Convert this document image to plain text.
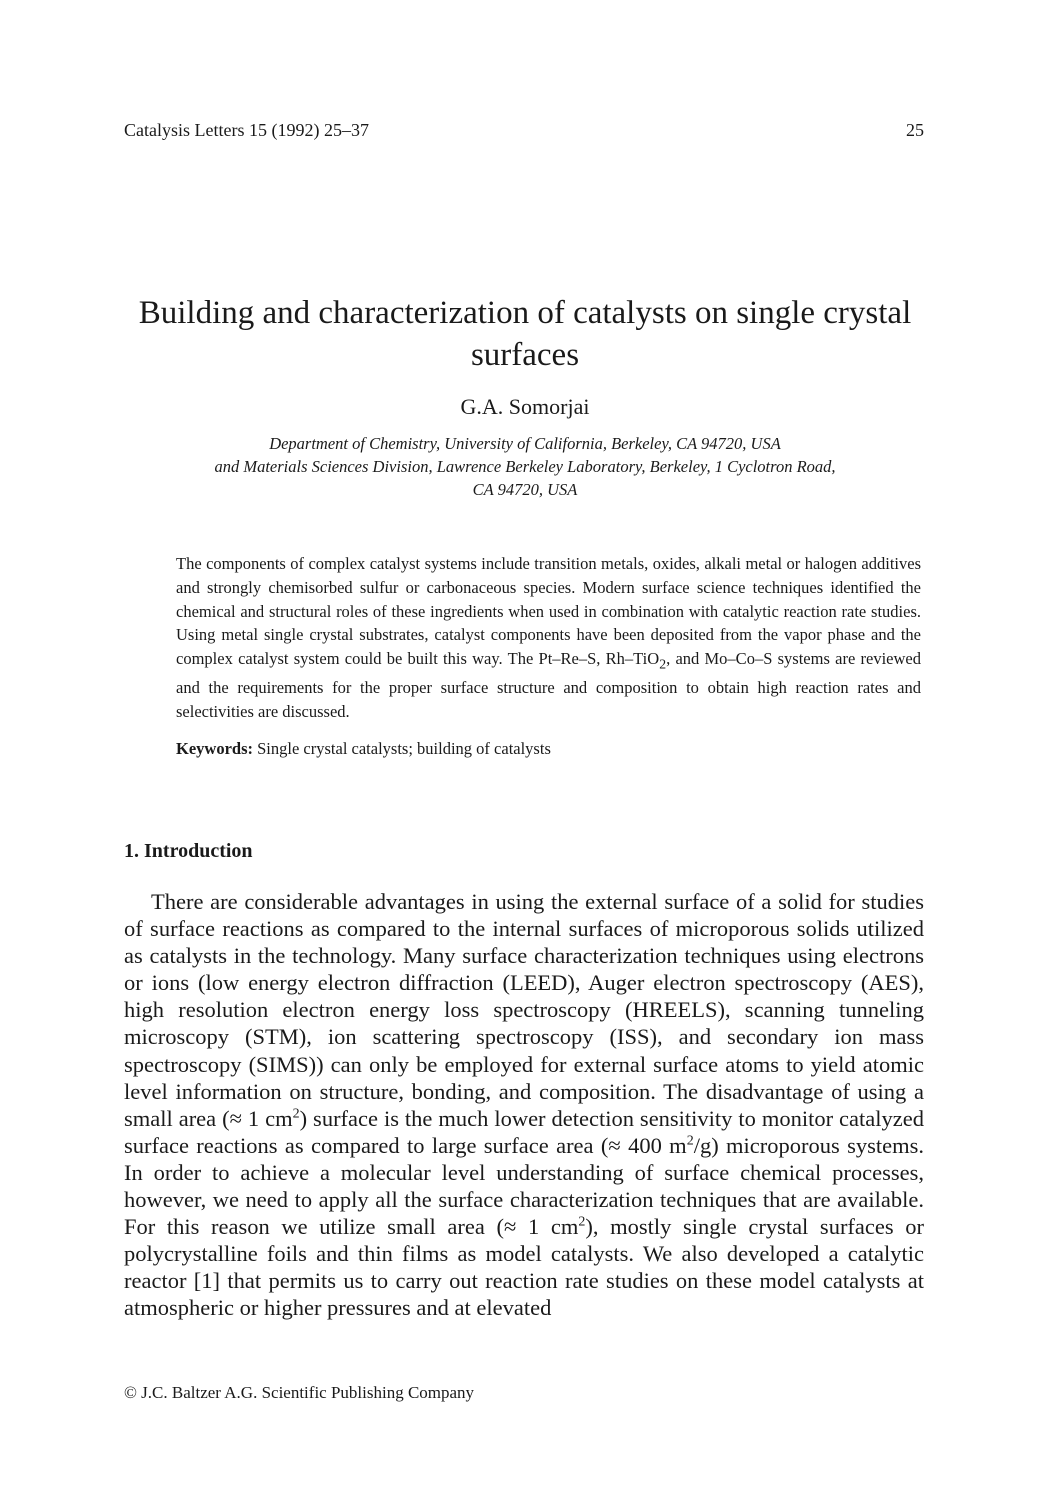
Catalysis Letters 15 (1992) 25–37	25
Building and characterization of catalysts on single crystal surfaces

G.A. Somorjai

Department of Chemistry, University of California, Berkeley, CA 94720, USA
and Materials Sciences Division, Lawrence Berkeley Laboratory, Berkeley, 1 Cyclotron Road,
CA 94720, USA

The components of complex catalyst systems include transition metals, oxides, alkali metal or halogen additives and strongly chemisorbed sulfur or carbonaceous species. Modern surface science techniques identified the chemical and structural roles of these ingredients when used in combination with catalytic reaction rate studies. Using metal single crystal substrates, catalyst components have been deposited from the vapor phase and the complex catalyst system could be built this way. The Pt–Re–S, Rh–TiO$_2$, and Mo–Co–S systems are reviewed and the requirements for the proper surface structure and composition to obtain high reaction rates and selectivities are discussed.

Keywords: Single crystal catalysts; building of catalysts

1. Introduction

There are considerable advantages in using the external surface of a solid for studies of surface reactions as compared to the internal surfaces of microporous solids utilized as catalysts in the technology. Many surface characterization techniques using electrons or ions (low energy electron diffraction (LEED), Auger electron spectroscopy (AES), high resolution electron energy loss spectroscopy (HREELS), scanning tunneling microscopy (STM), ion scattering spectroscopy (ISS), and secondary ion mass spectroscopy (SIMS)) can only be employed for external surface atoms to yield atomic level information on structure, bonding, and composition. The disadvantage of using a small area (≈ 1 $cm^2$) surface is the much lower detection sensitivity to monitor catalyzed surface reactions as compared to large surface area (≈ 400 $m^2/g$) microporous systems. In order to achieve a molecular level understanding of surface chemical processes, however, we need to apply all the surface characterization techniques that are available. For this reason we utilize small area (≈ 1 $cm^2$), mostly single crystal surfaces or polycrystalline foils and thin films as model catalysts. We also developed a catalytic reactor [1] that permits us to carry out reaction rate studies on these model catalysts at atmospheric or higher pressures and at elevated

© J.C. Baltzer A.G. Scientific Publishing Company
